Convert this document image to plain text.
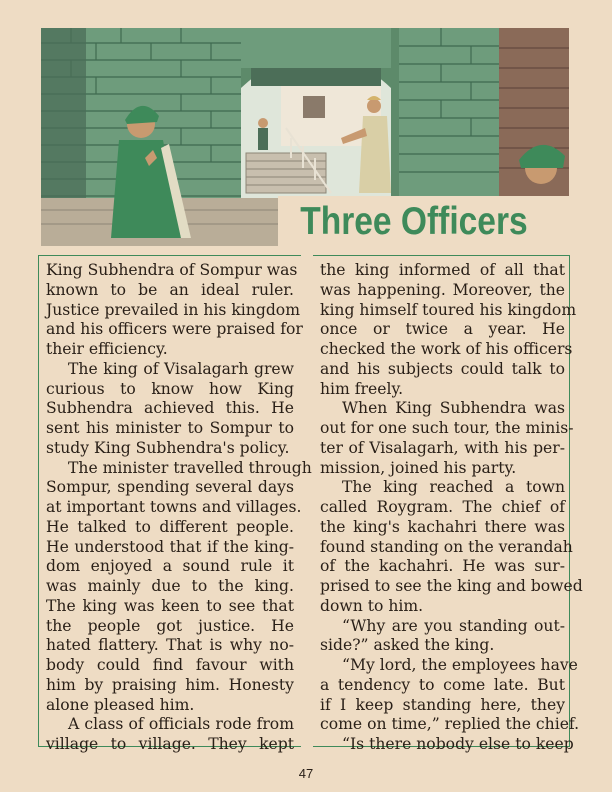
Three Officers
King Subhendra of Sompur was
known to be an ideal ruler.
Justice prevailed in his kingdom
and his officers were praised for
their efficiency.
The king of Visalagarh grew
curious to know how King
Subhendra achieved this. He
sent his minister to Sompur to
study King Subhendra's policy.
The minister travelled through
Sompur, spending several days
at important towns and villages.
He talked to different people.
He understood that if the king-
dom enjoyed a sound rule it
was mainly due to the king.
The king was keen to see that
the people got justice. He
hated flattery. That is why no-
body could find favour with
him by praising him. Honesty
alone pleased him.
A class of officials rode from
village to village. They kept
the king informed of all that
was happening. Moreover, the
king himself toured his kingdom
once or twice a year. He
checked the work of his officers
and his subjects could talk to
him freely.
When King Subhendra was
out for one such tour, the minis-
ter of Visalagarh, with his per-
mission, joined his party.
The king reached a town
called Roygram. The chief of
the king's kachahri there was
found standing on the verandah
of the kachahri. He was sur-
prised to see the king and bowed
down to him.
“Why are you standing out-
side?” asked the king.
“My lord, the employees have
a tendency to come late. But
if I keep standing here, they
come on time,” replied the chief.
“Is there nobody else to keep
47
